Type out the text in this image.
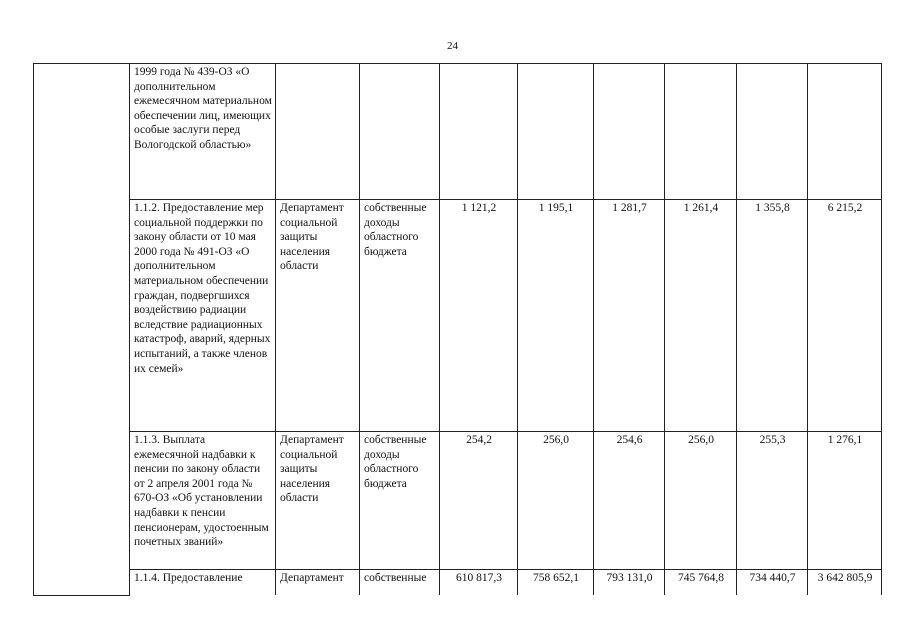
24
	1999 года № 439-ОЗ «О дополнительном ежемесячном материальном обеспечении лиц, имеющих особые заслуги перед Вологодской областью»								
	1.1.2. Предоставление мер социальной поддержки по закону области от 10 мая 2000 года № 491-ОЗ «О дополнительном материальном обеспечении граждан, подвергшихся воздействию радиации вследствие радиационных катастроф, аварий, ядерных испытаний, а также членов их семей»	Департамент социальной защиты населения области	собственные доходы областного бюджета	1 121,2	1 195,1	1 281,7	1 261,4	1 355,8	6 215,2
	1.1.3. Выплата ежемесячной надбавки к пенсии по закону области от 2 апреля 2001 года № 670-ОЗ «Об установлении надбавки к пенсии пенсионерам, удостоенным почетных званий»	Департамент социальной защиты населения области	собственные доходы областного бюджета	254,2	256,0	254,6	256,0	255,3	1 276,1
	1.1.4. Предоставление	Департамент	собственные	610 817,3	758 652,1	793 131,0	745 764,8	734 440,7	3 642 805,9
